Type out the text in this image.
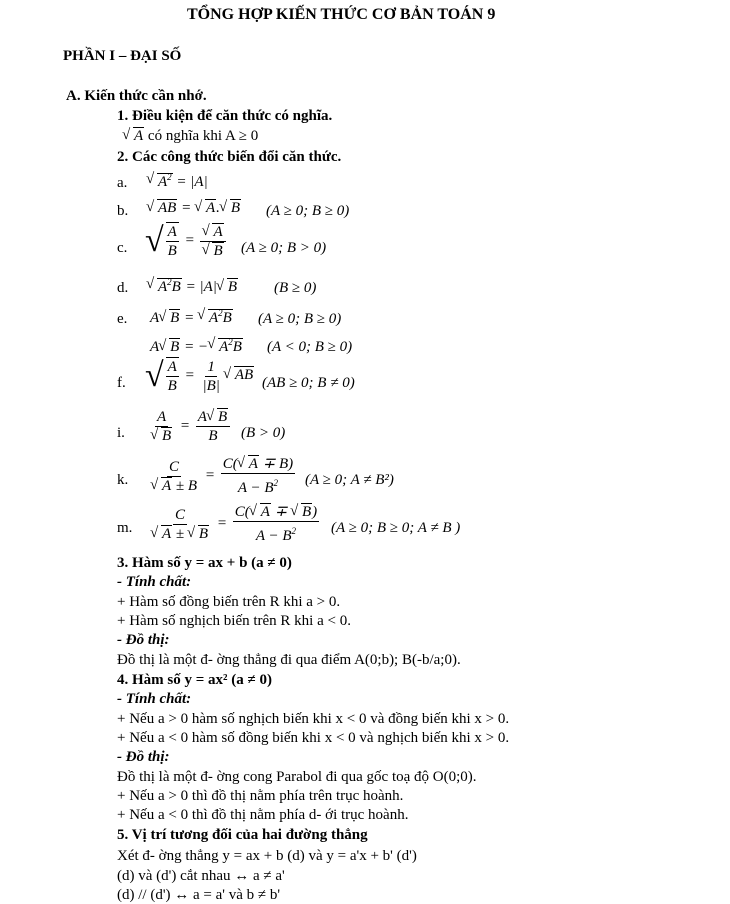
TỔNG HỢP KIẾN THỨC CƠ BẢN TOÁN 9
PHẦN I – ĐẠI SỐ
A. Kiến thức cần nhớ.
1. Điều kiện để căn thức có nghĩa.
√ A có nghĩa khi A ≥ 0
2. Các công thức biến đổi căn thức.
a.
√	$A^2 = |A|$
b.
√	AB = √ A.√ B (A ≥ 0; B ≥ 0)
c. √ $\frac{A}{B}$ =
√ A
√ B (A ≥ 0; B > 0)
d.
√	$A^2B = |A|√$ B (B ≥ 0)
e. A√ B = √ $A^2B$ (A ≥ 0; B ≥ 0)
A√ B = −√ $A^2B$ (A < 0; B ≥ 0)
f. √ $\frac{A}{B} = \frac{1}{|B|}$
√ AB (AB ≥ 0; B ≠ 0)
i. A
√ $B = \frac{A√ B}{B} (B > 0)$
k. C
√ $A \pm B = \frac{C(√ A \mp B)}{A - B^2} (A \ge 0$; A ≠ B²)
m. C
√ A ± √ $B = \frac{C(√ A \mp √ B)}{A - B^2} (A \ge 0$; B ≥ 0; A ≠ B )
3. Hàm số y = ax + b (a ≠ 0)
- Tính chất:
+ Hàm số đồng biến trên R khi a > 0.
+ Hàm số nghịch biến trên R khi a < 0.
- Đồ thị:
Đồ thị là một đ- ờng thẳng đi qua điểm A(0;b); B(-b/a;0).
4. Hàm số y = ax² (a ≠ 0)
- Tính chất:
+ Nếu a > 0 hàm số nghịch biến khi x < 0 và đồng biến khi x > 0.
+ Nếu a < 0 hàm số đồng biến khi x < 0 và nghịch biến khi x > 0.
- Đồ thị:
Đồ thị là một đ- ờng cong Parabol đi qua gốc toạ độ O(0;0).
+ Nếu a > 0 thì đồ thị nằm phía trên trục hoành.
+ Nếu a < 0 thì đồ thị nằm phía d- ới trục hoành.
5. Vị trí tương đối của hai đường thẳng
Xét đ- ờng thẳng y = ax + b (d) và y = a'x + b' (d')
(d) và (d') cắt nhau ↔ a ≠ a'
(d) // (d') ↔ a = a' và b ≠ b'
